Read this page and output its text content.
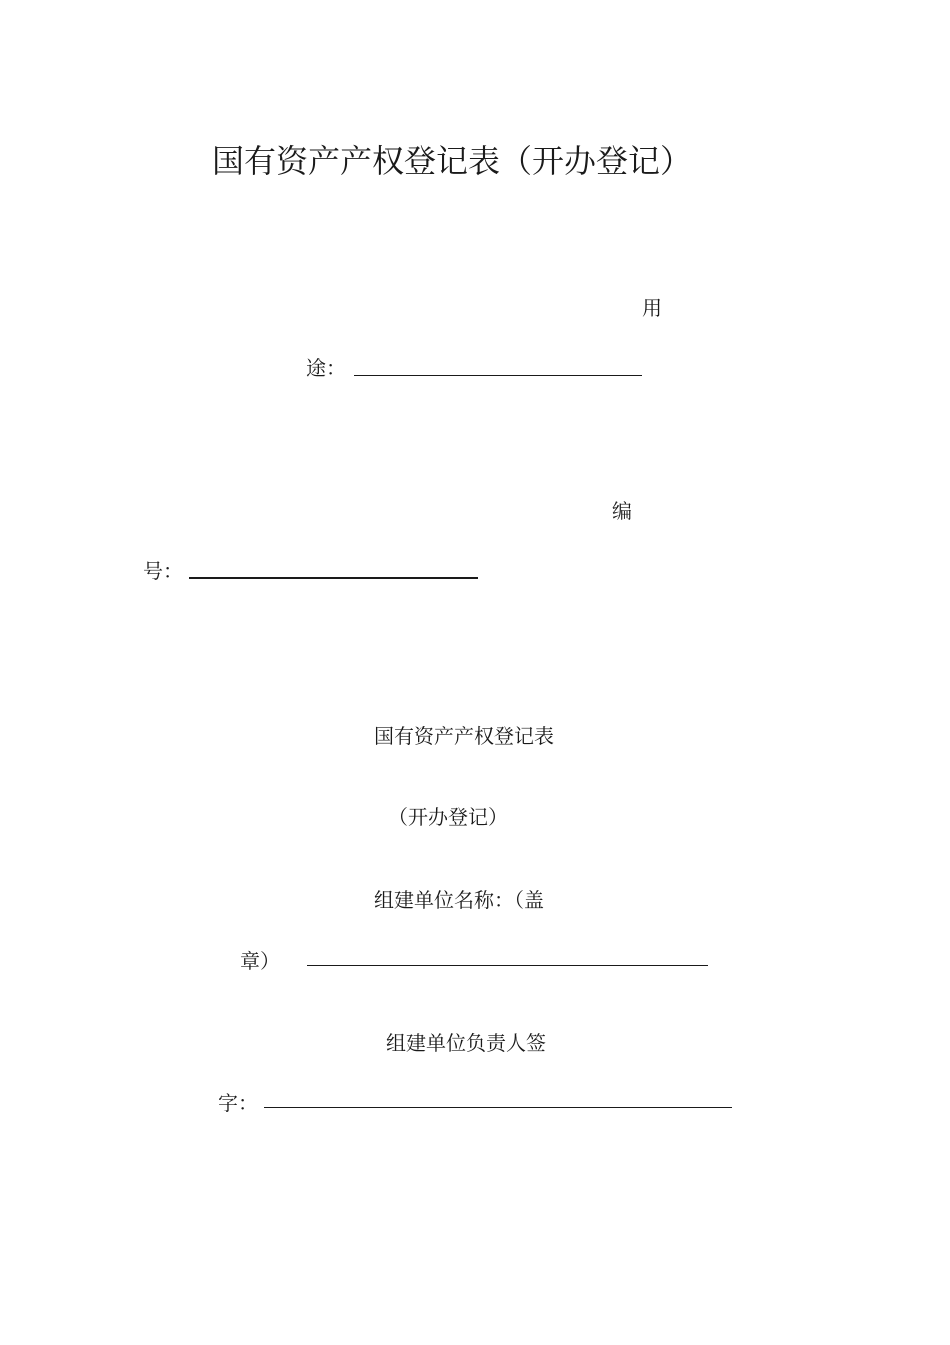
国有资产产权登记表（开办登记）
用
途：
编
号：
国有资产产权登记表
（开办登记）
组建单位名称：（盖
章）
组建单位负责人签
字：
